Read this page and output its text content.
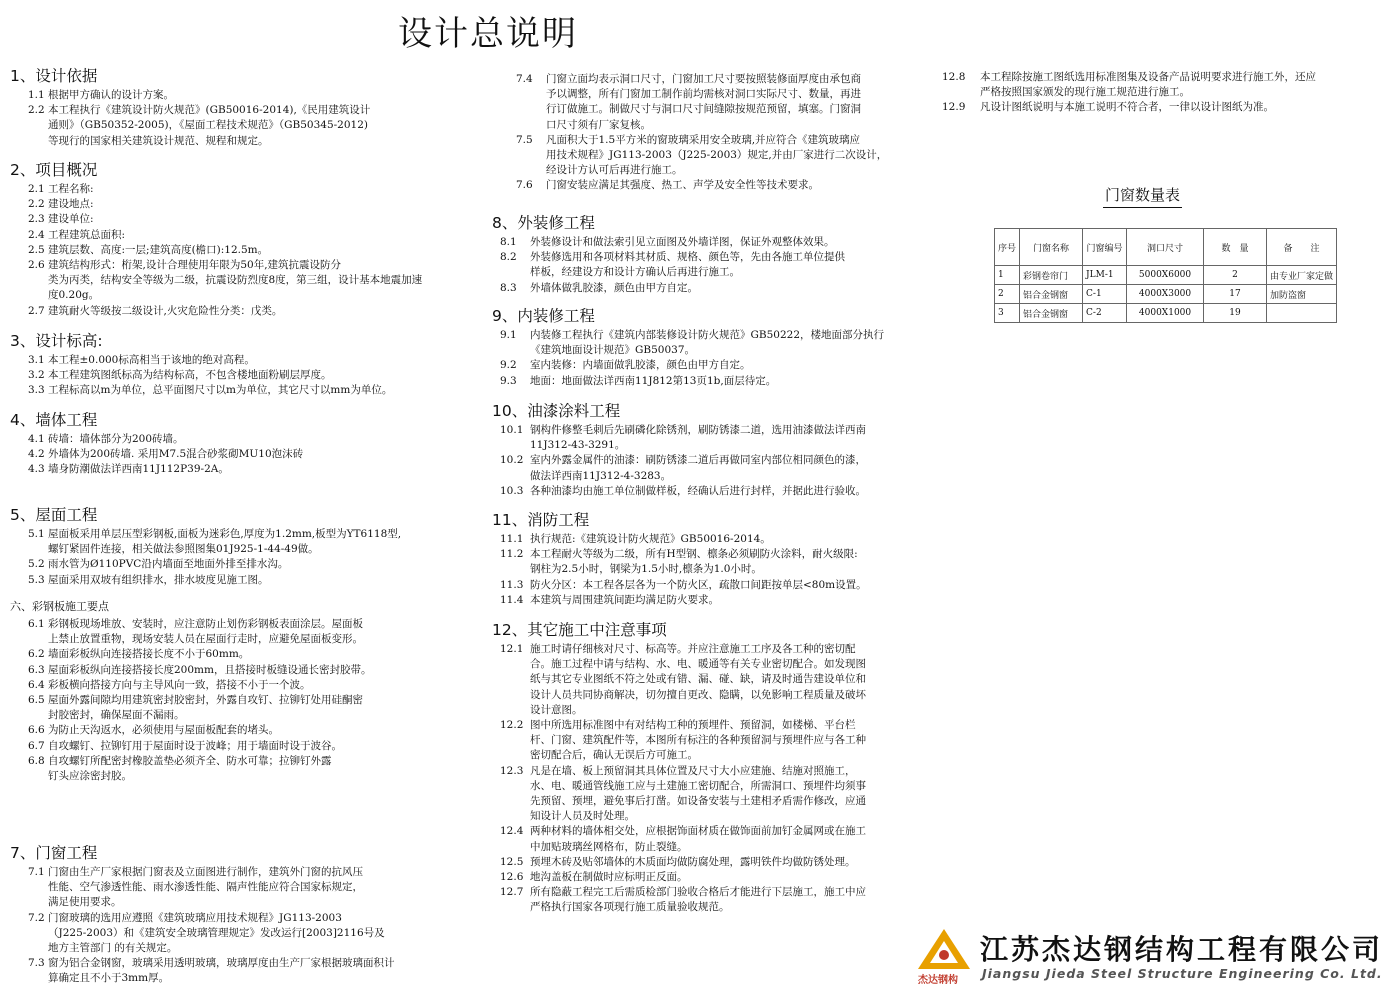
设计总说明
1、设计依据
1.1 根据甲方确认的设计方案。
2.2 本工程执行《建筑设计防火规范》(GB50016-2014),《民用建筑设计
通则》（GB50352-2005)，《屋面工程技术规范》（GB50345-2012)
等现行的国家相关建筑设计规范、规程和规定。
2、项目概况
2.1 工程名称:
2.2 建设地点:
2.3 建设单位:
2.4 工程建筑总面积:
2.5 建筑层数、高度:一层;建筑高度(檐口):12.5m。
2.6 建筑结构形式：桁架,设计合理使用年限为50年,建筑抗震设防分
类为丙类，结构安全等级为二级，抗震设防烈度8度，第三组，设计基本地震加速
度0.20g。
2.7 建筑耐火等级按二级设计,火灾危险性分类：戊类。
3、设计标高:
3.1 本工程±0.000标高相当于该地的绝对高程。
3.2 本工程建筑图纸标高为结构标高，不包含楼地面粉刷层厚度。
3.3 工程标高以m为单位，总平面图尺寸以m为单位，其它尺寸以mm为单位。
4、墙体工程
4.1 砖墙：墙体部分为200砖墙。
4.2 外墙体为200砖墙. 采用M7.5混合砂浆砌MU10泡沫砖
4.3 墙身防潮做法详西南11J112P39-2A。
5、屋面工程
5.1 屋面板采用单层压型彩钢板,面板为迷彩色,厚度为1.2mm,板型为YT6118型,
螺钉紧固件连接，相关做法参照图集01J925-1-44-49做。
5.2 雨水管为Ø110PVC沿内墙面至地面外排至排水沟。
5.3 屋面采用双坡有组织排水，排水坡度见施工图。
六、彩钢板施工要点
6.1 彩钢板现场堆放、安装时，应注意防止划伤彩钢板表面涂层。屋面板
上禁止放置重物，现场安装人员在屋面行走时，应避免屋面板变形。
6.2 墙面彩板纵向连接搭接长度不小于60mm。
6.3 屋面彩板纵向连接搭接长度200mm，且搭接时板缝设通长密封胶带。
6.4 彩板横向搭接方向与主导风向一致，搭接不小于一个波。
6.5 屋面外露间隙均用建筑密封胶密封，外露自攻钉、拉铆钉处用硅酮密
封胶密封，确保屋面不漏雨。
6.6 为防止天沟返水，必须使用与屋面板配套的堵头。
6.7 自攻螺钉、拉铆钉用于屋面时设于波峰；用于墙面时设于波谷。
6.8 自攻螺钉所配密封橡胶盖垫必须齐全、防水可靠；拉铆钉外露
钉头应涂密封胶。
7、门窗工程
7.1 门窗由生产厂家根据门窗表及立面图进行制作，建筑外门窗的抗风压
性能、空气渗透性能、雨水渗透性能、隔声性能应符合国家标规定，
满足使用要求。
7.2 门窗玻璃的选用应遵照《建筑玻璃应用技术规程》JG113-2003
（J225-2003）和《建筑安全玻璃管理规定》发改运行[2003]2116号及
地方主管部门 的有关规定。
7.3 窗为铝合金钢窗，玻璃采用透明玻璃，玻璃厚度由生产厂家根据玻璃面积计
算确定且不小于3mm厚。
7.4 门窗立面均表示洞口尺寸，门窗加工尺寸要按照装修面厚度由承包商
予以调整，所有门窗加工制作前均需核对洞口实际尺寸、数量，再进
行订做施工。制做尺寸与洞口尺寸间缝隙按规范预留，填塞。门窗洞
口尺寸须有厂家复核。
7.5 凡面积大于1.5平方米的窗玻璃采用安全玻璃,并应符合《建筑玻璃应
用技术规程》JG113-2003（J225-2003）规定,并由厂家进行二次设计，
经设计方认可后再进行施工。
7.6 门窗安装应满足其强度、热工、声学及安全性等技术要求。
8、外装修工程
8.1 外装修设计和做法索引见立面图及外墙详图，保证外观整体效果。
8.2 外装修选用和各项材料其材质、规格、颜色等，先由各施工单位提供
样板，经建设方和设计方确认后再进行施工。
8.3 外墙体做乳胶漆，颜色由甲方自定。
9、内装修工程
9.1 内装修工程执行《建筑内部装修设计防火规范》GB50222，楼地面部分执行
《建筑地面设计规范》GB50037。
9.2 室内装修：内墙面做乳胶漆，颜色由甲方自定。
9.3 地面：地面做法详西南11J812第13页1b,面层待定。
10、油漆涂料工程
10.1 钢构件修整毛刺后先刷磷化除锈剂，刷防锈漆二道，选用油漆做法详西南
11J312-43-3291。
10.2 室内外露金属件的油漆：刷防锈漆二道后再做同室内部位相同颜色的漆，
做法详西南11J312-4-3283。
10.3 各种油漆均由施工单位制做样板，经确认后进行封样，并据此进行验收。
11、消防工程
11.1 执行规范:《建筑设计防火规范》GB50016-2014。
11.2 本工程耐火等级为二级，所有H型钢、檩条必须刷防火涂料，耐火级限:
钢柱为2.5小时，钢梁为1.5小时,檩条为1.0小时。
11.3 防火分区：本工程各层各为一个防火区，疏散口间距按单层<80m设置。
11.4 本建筑与周围建筑间距均满足防火要求。
12、其它施工中注意事项
12.1 施工时请仔细核对尺寸、标高等。并应注意施工工序及各工种的密切配
合。施工过程中请与结构、水、电、暖通等有关专业密切配合。如发现图
纸与其它专业图纸不符之处或有错、漏、碰、缺，请及时通告建设单位和
设计人员共同协商解决，切勿擅自更改、隐瞒，以免影响工程质量及破坏
设计意图。
12.2 图中所选用标准图中有对结构工种的预埋件、预留洞，如楼梯、平台栏
杆、门窗、建筑配件等，本图所有标注的各种预留洞与预埋件应与各工种
密切配合后，确认无误后方可施工。
12.3 凡是在墙、板上预留洞其具体位置及尺寸大小应建施、结施对照施工，
水、电、暖通管线施工应与土建施工密切配合，所需洞口、预埋件均须事
先预留、预埋，避免事后打凿。如设备安装与土建相矛盾需作修改，应通
知设计人员及时处理。
12.4 两种材料的墙体相交处，应根据饰面材质在做饰面前加钉金属网或在施工
中加贴玻璃丝网格布，防止裂缝。
12.5 预埋木砖及贴邻墙体的木质面均做防腐处理，露明铁件均做防锈处理。
12.6 地沟盖板在制做时应标明正反面。
12.7 所有隐蔽工程完工后需质检部门验收合格后才能进行下层施工，施工中应
严格执行国家各项现行施工质量验收规范。
12.8 本工程除按施工图纸选用标准图集及设备产品说明要求进行施工外，还应
严格按照国家颁发的现行施工规范进行施工。
12.9 凡设计图纸说明与本施工说明不符合者，一律以设计图纸为准。
门窗数量表
序号	门窗名称	门窗编号	洞口尺寸	数　量	备　　注
1	彩钢卷帘门	JLM-1	5000X6000	2	由专业厂家定做
2	铝合金钢窗	C-1	4000X3000	17	加防盗窗
3	铝合金钢窗	C-2	4000X1000	19	
杰达钢构
江苏杰达钢结构工程有限公司
Jiangsu Jieda Steel Structure Engineering Co. Ltd.
